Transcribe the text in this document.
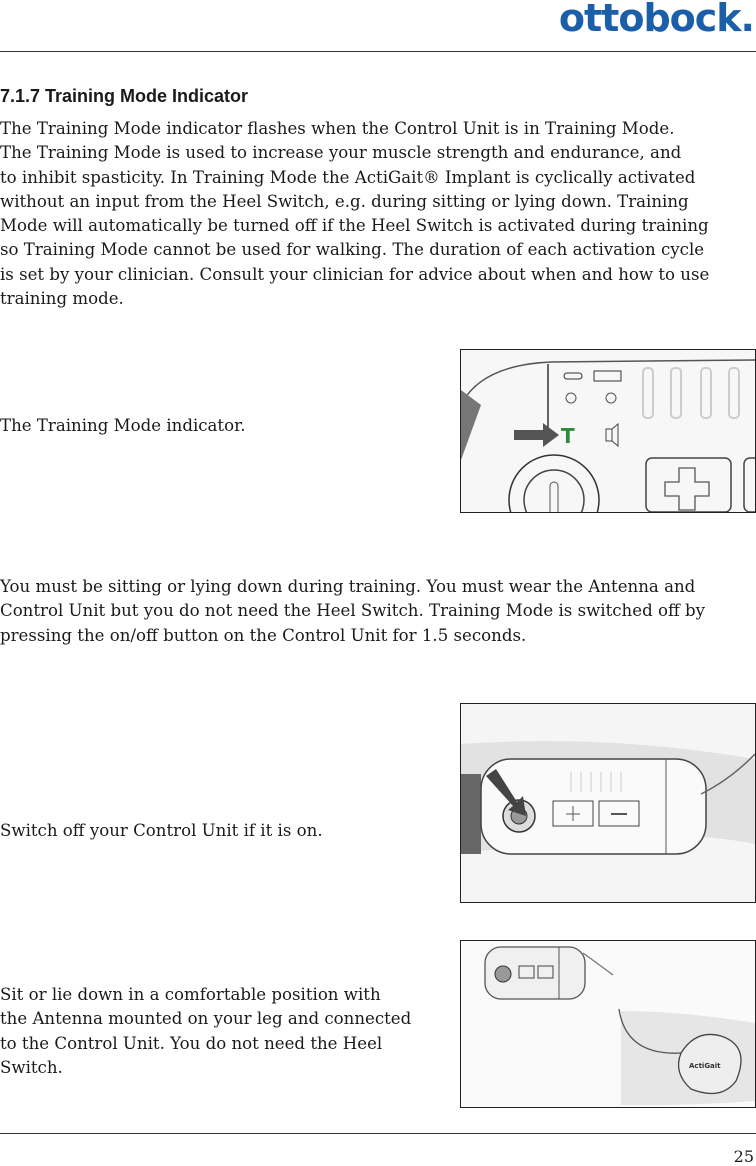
ottobock.
7.1.7 Training Mode Indicator
The Training Mode indicator flashes when the Control Unit is in Training Mode.
The Training Mode is used to increase your muscle strength and endurance, and
to inhibit spasticity. In Training Mode the ActiGait® Implant is cyclically activated
without an input from the Heel Switch, e.g. during sitting or lying down. Training
Mode will automatically be turned off if the Heel Switch is activated during training
so Training Mode cannot be used for walking. The duration of each activation cycle
is set by your clinician. Consult your clinician for advice about when and how to use
training mode.
The Training Mode indicator.	T
You must be sitting or lying down during training. You must wear the Antenna and
Control Unit but you do not need the Heel Switch. Training Mode is switched off by
pressing the on/off button on the Control Unit for 1.5 seconds.
Switch off your Control Unit if it is on.
Sit or lie down in a comfortable position with
the Antenna mounted on your leg and connected
to the Control Unit. You do not need the Heel
Switch.	ActiGait
25
